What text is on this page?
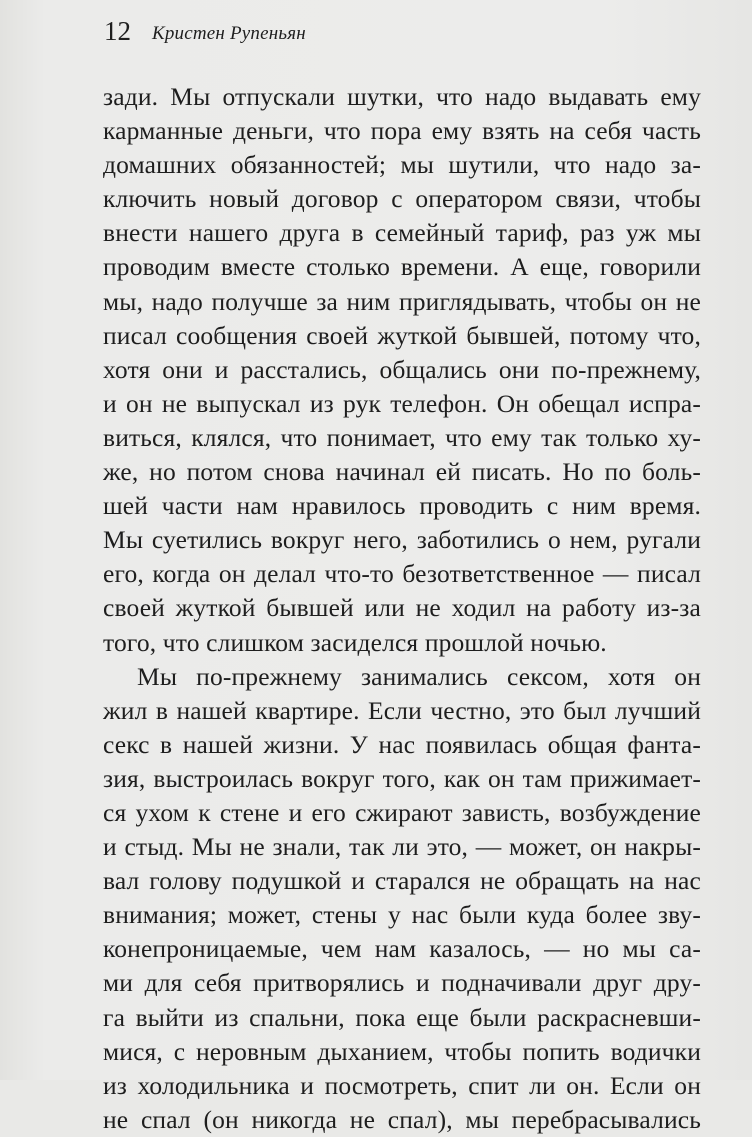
12 Кристен Рупеньян
зади. Мы отпускали шутки, что надо выдавать ему
карманные деньги, что пора ему взять на себя часть
домашних обязанностей; мы шутили, что надо за-
ключить новый договор с оператором связи, чтобы
внести нашего друга в семейный тариф, раз уж мы
проводим вместе столько времени. А еще, говорили
мы, надо получше за ним приглядывать, чтобы он не
писал сообщения своей жуткой бывшей, потому что,
хотя они и расстались, общались они по-прежнему,
и он не выпускал из рук телефон. Он обещал испра-
виться, клялся, что понимает, что ему так только ху-
же, но потом снова начинал ей писать. Но по боль-
шей части нам нравилось проводить с ним время.
Мы суетились вокруг него, заботились о нем, ругали
его, когда он делал что-то безответственное — писал
своей жуткой бывшей или не ходил на работу из-за
того, что слишком засиделся прошлой ночью.
Мы по-прежнему занимались сексом, хотя он
жил в нашей квартире. Если честно, это был лучший
секс в нашей жизни. У нас появилась общая фанта-
зия, выстроилась вокруг того, как он там прижимает-
ся ухом к стене и его сжирают зависть, возбуждение
и стыд. Мы не знали, так ли это, — может, он накры-
вал голову подушкой и старался не обращать на нас
внимания; может, стены у нас были куда более зву-
конепроницаемые, чем нам казалось, — но мы са-
ми для себя притворялись и подначивали друг дру-
га выйти из спальни, пока еще были раскрасневши-
мися, с неровным дыханием, чтобы попить водички
из холодильника и посмотреть, спит ли он. Если он
не спал (он никогда не спал), мы перебрасывались
